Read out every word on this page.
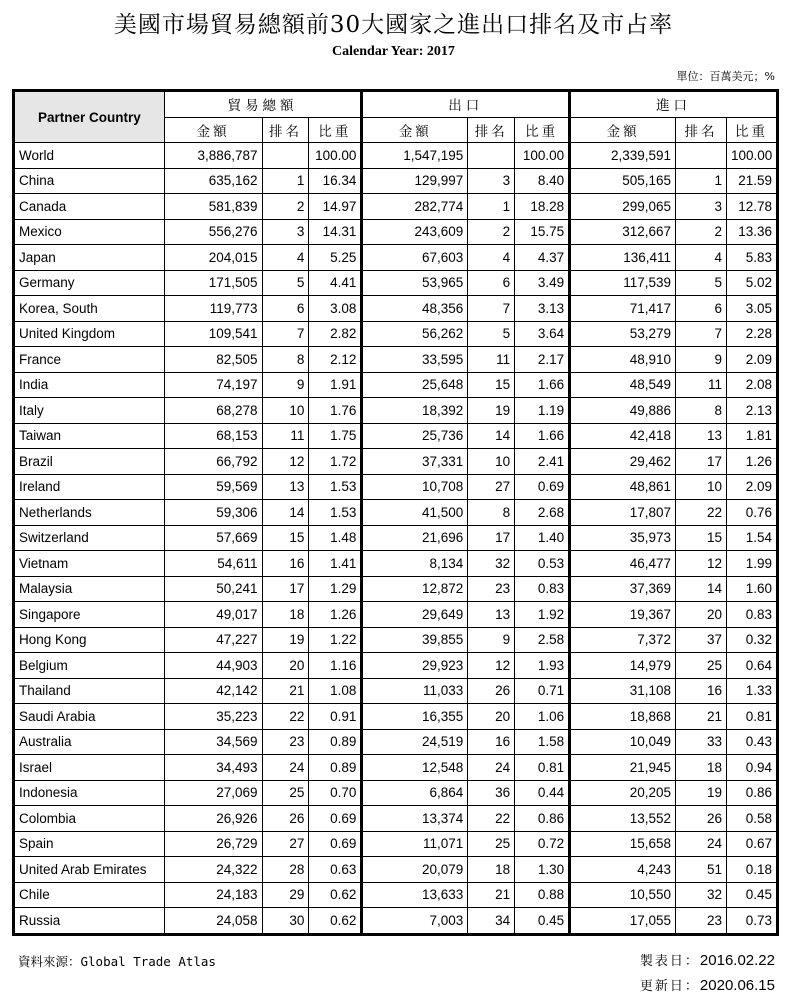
美國市場貿易總額前30大國家之進出口排名及市占率
Calendar Year: 2017
單位：百萬美元；%
Partner Country	貿易總額			出口			進口		
	金額	排名	比重	金額	排名	比重	金額	排名	比重
World	3,886,787		100.00	1,547,195		100.00	2,339,591		100.00
China	635,162	1	16.34	129,997	3	8.40	505,165	1	21.59
Canada	581,839	2	14.97	282,774	1	18.28	299,065	3	12.78
Mexico	556,276	3	14.31	243,609	2	15.75	312,667	2	13.36
Japan	204,015	4	5.25	67,603	4	4.37	136,411	4	5.83
Germany	171,505	5	4.41	53,965	6	3.49	117,539	5	5.02
Korea, South	119,773	6	3.08	48,356	7	3.13	71,417	6	3.05
United Kingdom	109,541	7	2.82	56,262	5	3.64	53,279	7	2.28
France	82,505	8	2.12	33,595	11	2.17	48,910	9	2.09
India	74,197	9	1.91	25,648	15	1.66	48,549	11	2.08
Italy	68,278	10	1.76	18,392	19	1.19	49,886	8	2.13
Taiwan	68,153	11	1.75	25,736	14	1.66	42,418	13	1.81
Brazil	66,792	12	1.72	37,331	10	2.41	29,462	17	1.26
Ireland	59,569	13	1.53	10,708	27	0.69	48,861	10	2.09
Netherlands	59,306	14	1.53	41,500	8	2.68	17,807	22	0.76
Switzerland	57,669	15	1.48	21,696	17	1.40	35,973	15	1.54
Vietnam	54,611	16	1.41	8,134	32	0.53	46,477	12	1.99
Malaysia	50,241	17	1.29	12,872	23	0.83	37,369	14	1.60
Singapore	49,017	18	1.26	29,649	13	1.92	19,367	20	0.83
Hong Kong	47,227	19	1.22	39,855	9	2.58	7,372	37	0.32
Belgium	44,903	20	1.16	29,923	12	1.93	14,979	25	0.64
Thailand	42,142	21	1.08	11,033	26	0.71	31,108	16	1.33
Saudi Arabia	35,223	22	0.91	16,355	20	1.06	18,868	21	0.81
Australia	34,569	23	0.89	24,519	16	1.58	10,049	33	0.43
Israel	34,493	24	0.89	12,548	24	0.81	21,945	18	0.94
Indonesia	27,069	25	0.70	6,864	36	0.44	20,205	19	0.86
Colombia	26,926	26	0.69	13,374	22	0.86	13,552	26	0.58
Spain	26,729	27	0.69	11,071	25	0.72	15,658	24	0.67
United Arab Emirates	24,322	28	0.63	20,079	18	1.30	4,243	51	0.18
Chile	24,183	29	0.62	13,633	21	0.88	10,550	32	0.45
Russia	24,058	30	0.62	7,003	34	0.45	17,055	23	0.73
資料來源：Global Trade Atlas	製表日：2016.02.22
更新日：2020.06.15
